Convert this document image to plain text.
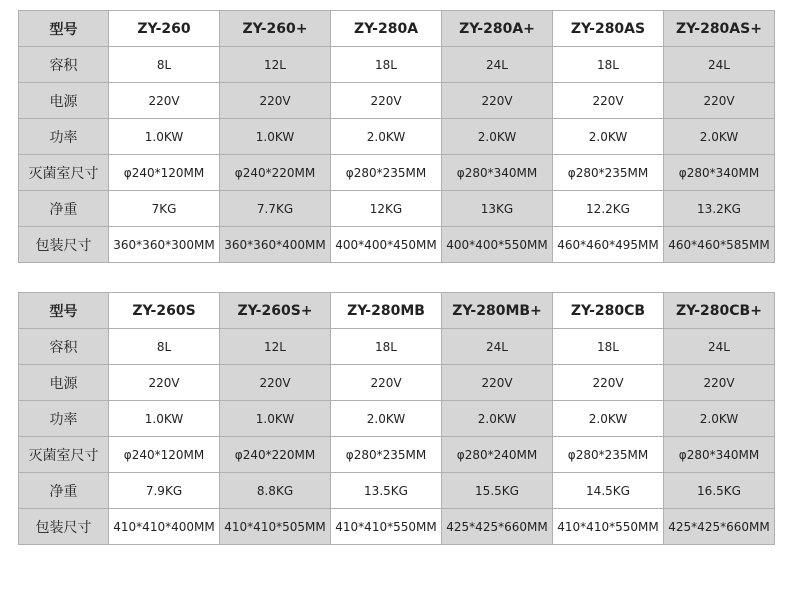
型号	ZY-260	ZY-260+	ZY-280A	ZY-280A+	ZY-280AS	ZY-280AS+
容积	8L	12L	18L	24L	18L	24L
电源	220V	220V	220V	220V	220V	220V
功率	1.0KW	1.0KW	2.0KW	2.0KW	2.0KW	2.0KW
灭菌室尺寸	φ240*120MM	φ240*220MM	φ280*235MM	φ280*340MM	φ280*235MM	φ280*340MM
净重	7KG	7.7KG	12KG	13KG	12.2KG	13.2KG
包装尺寸	360*360*300MM	360*360*400MM	400*400*450MM	400*400*550MM	460*460*495MM	460*460*585MM
型号	ZY-260S	ZY-260S+	ZY-280MB	ZY-280MB+	ZY-280CB	ZY-280CB+
容积	8L	12L	18L	24L	18L	24L
电源	220V	220V	220V	220V	220V	220V
功率	1.0KW	1.0KW	2.0KW	2.0KW	2.0KW	2.0KW
灭菌室尺寸	φ240*120MM	φ240*220MM	φ280*235MM	φ280*240MM	φ280*235MM	φ280*340MM
净重	7.9KG	8.8KG	13.5KG	15.5KG	14.5KG	16.5KG
包装尺寸	410*410*400MM	410*410*505MM	410*410*550MM	425*425*660MM	410*410*550MM	425*425*660MM
